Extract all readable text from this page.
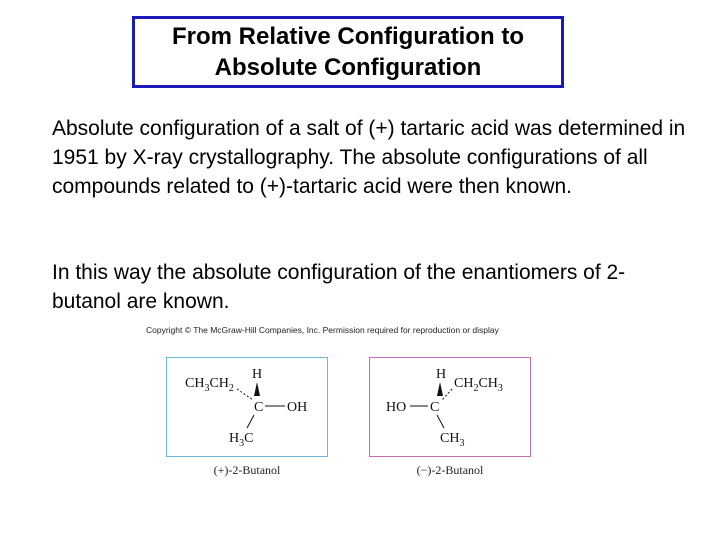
From Relative Configuration to
Absolute Configuration
Absolute configuration of a salt of (+) tartaric acid was determined in 1951 by X-ray crystallography. The absolute configurations of all compounds related to (+)-tartaric acid were then known.
In this way the absolute configuration of the enantiomers of 2-butanol are known.
Copyright © The McGraw-Hill Companies, Inc. Permission required for reproduction or display
$CH_3CH_2$
H
C OH
$H_3C$
(+)-2-Butanol
H
$CH_2CH_3$
HO C
$CH_3$
(−)-2-Butanol
